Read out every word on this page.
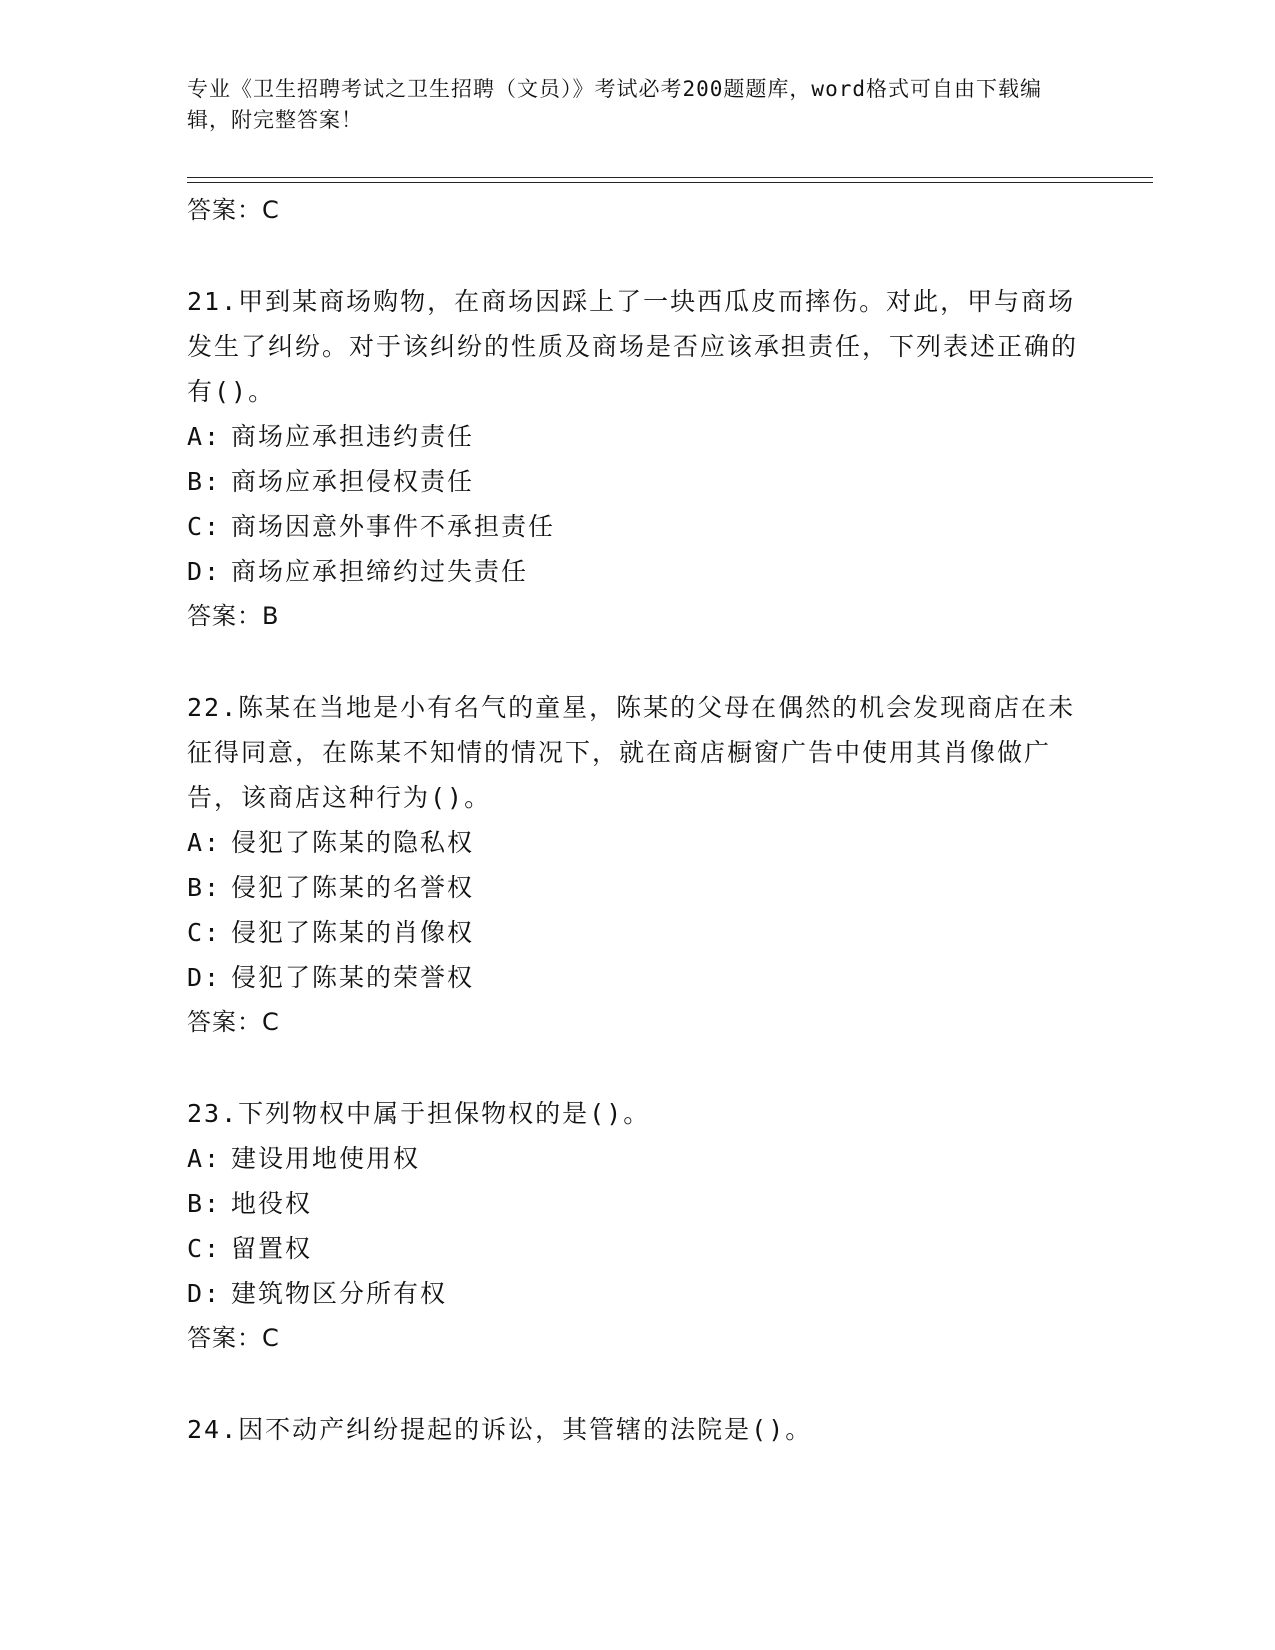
专业《卫生招聘考试之卫生招聘（文员）》考试必考200题题库，word格式可自由下载编辑，附完整答案！
答案：C
21.甲到某商场购物，在商场因踩上了一块西瓜皮而摔伤。对此，甲与商场发生了纠纷。对于该纠纷的性质及商场是否应该承担责任，下列表述正确的有()。
A: 商场应承担违约责任
B: 商场应承担侵权责任
C: 商场因意外事件不承担责任
D: 商场应承担缔约过失责任
答案：B
22.陈某在当地是小有名气的童星，陈某的父母在偶然的机会发现商店在未征得同意，在陈某不知情的情况下，就在商店橱窗广告中使用其肖像做广告，该商店这种行为()。
A: 侵犯了陈某的隐私权
B: 侵犯了陈某的名誉权
C: 侵犯了陈某的肖像权
D: 侵犯了陈某的荣誉权
答案：C
23.下列物权中属于担保物权的是()。
A: 建设用地使用权
B: 地役权
C: 留置权
D: 建筑物区分所有权
答案：C
24.因不动产纠纷提起的诉讼，其管辖的法院是()。
